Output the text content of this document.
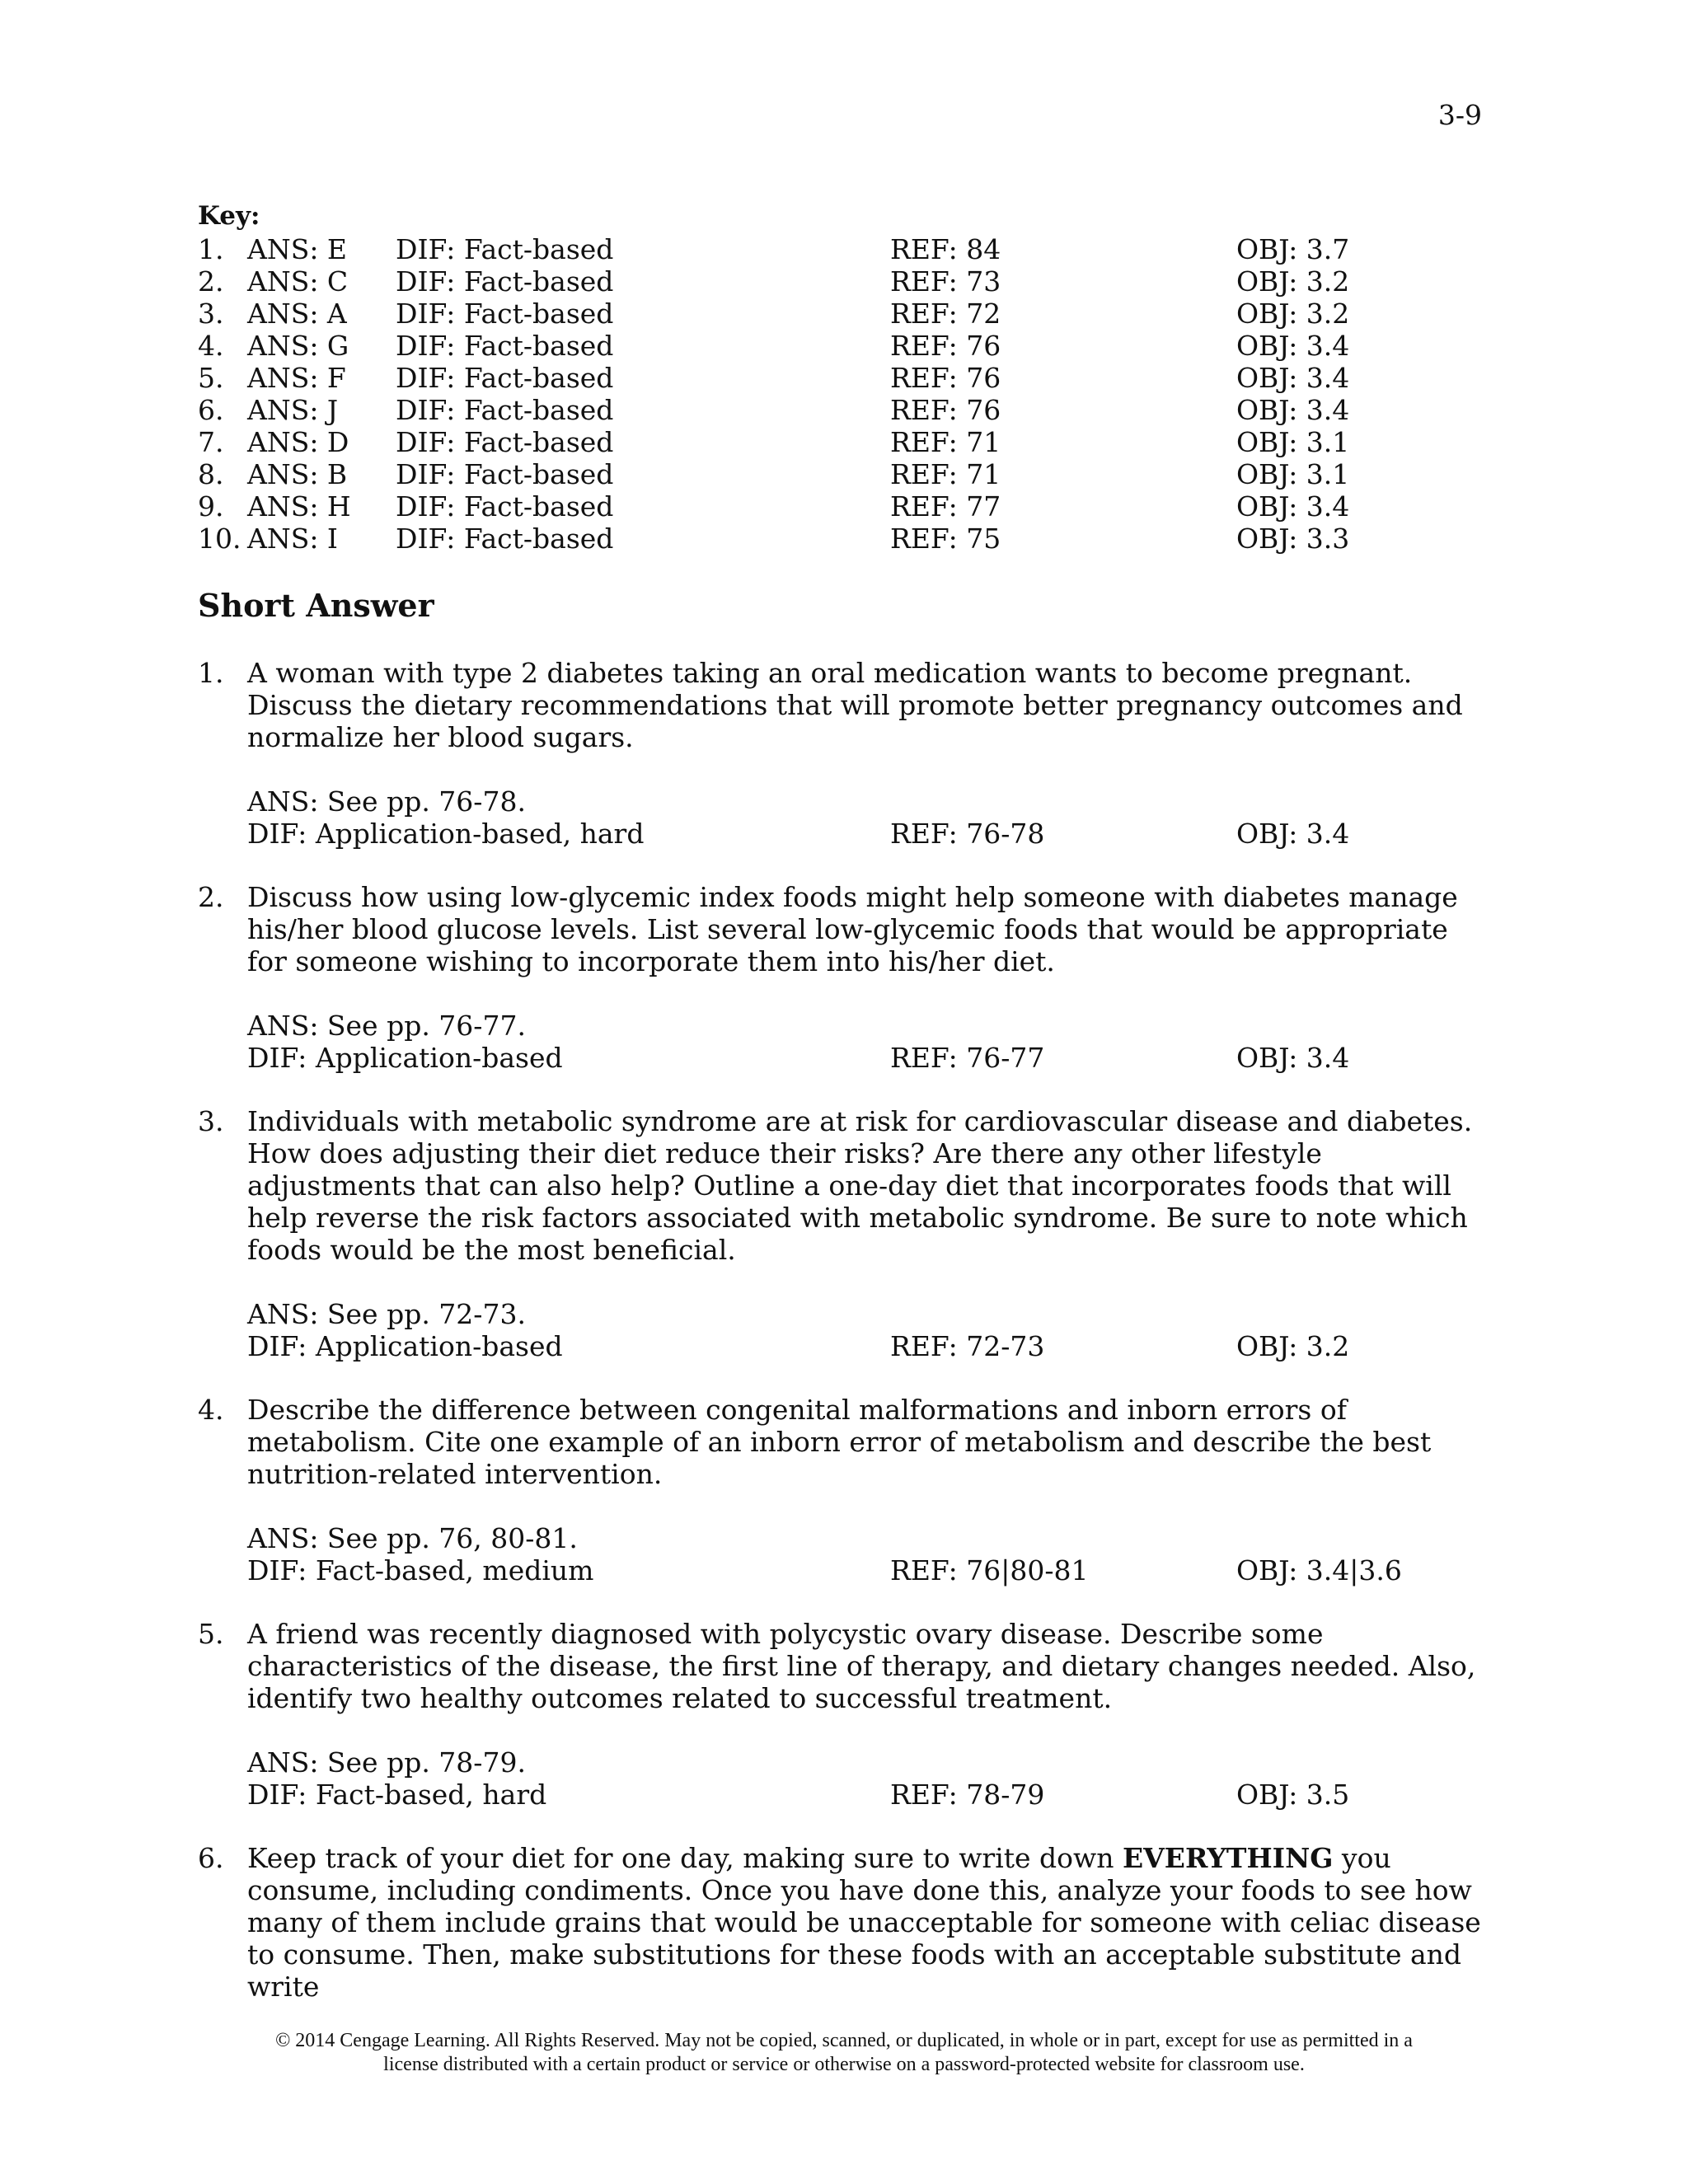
3-9
Key:
1. ANS: E DIF: Fact-based	REF: 84	OBJ: 3.7
2. ANS: C DIF: Fact-based	REF: 73	OBJ: 3.2
3. ANS: A DIF: Fact-based	REF: 72	OBJ: 3.2
4. ANS: G DIF: Fact-based	REF: 76	OBJ: 3.4
5. ANS: F DIF: Fact-based	REF: 76	OBJ: 3.4
6. ANS: J DIF: Fact-based	REF: 76	OBJ: 3.4
7. ANS: D DIF: Fact-based	REF: 71	OBJ: 3.1
8. ANS: B DIF: Fact-based	REF: 71	OBJ: 3.1
9. ANS: H DIF: Fact-based	REF: 77	OBJ: 3.4
10. ANS: I DIF: Fact-based	REF: 75	OBJ: 3.3
Short Answer
1. A woman with type 2 diabetes taking an oral medication wants to become pregnant. Discuss the dietary recommendations that will promote better pregnancy outcomes and normalize her blood sugars.
ANS: See pp. 76-78.
DIF: Application-based, hard	REF: 76-78	OBJ: 3.4
2. Discuss how using low-glycemic index foods might help someone with diabetes manage his/her blood glucose levels. List several low-glycemic foods that would be appropriate for someone wishing to incorporate them into his/her diet.
ANS: See pp. 76-77.
DIF: Application-based	REF: 76-77	OBJ: 3.4
3. Individuals with metabolic syndrome are at risk for cardiovascular disease and diabetes. How does adjusting their diet reduce their risks? Are there any other lifestyle adjustments that can also help? Outline a one-day diet that incorporates foods that will help reverse the risk factors associated with metabolic syndrome. Be sure to note which foods would be the most beneficial.
ANS: See pp. 72-73.
DIF: Application-based	REF: 72-73	OBJ: 3.2
4. Describe the difference between congenital malformations and inborn errors of metabolism. Cite one example of an inborn error of metabolism and describe the best nutrition-related intervention.
ANS: See pp. 76, 80-81.
DIF: Fact-based, medium	REF: 76|80-81	OBJ: 3.4|3.6
5. A friend was recently diagnosed with polycystic ovary disease. Describe some characteristics of the disease, the first line of therapy, and dietary changes needed. Also, identify two healthy outcomes related to successful treatment.
ANS: See pp. 78-79.
DIF: Fact-based, hard	REF: 78-79	OBJ: 3.5
6. Keep track of your diet for one day, making sure to write down EVERYTHING you consume, including condiments. Once you have done this, analyze your foods to see how many of them include grains that would be unacceptable for someone with celiac disease to consume. Then, make substitutions for these foods with an acceptable substitute and write
© 2014 Cengage Learning. All Rights Reserved. May not be copied, scanned, or duplicated, in whole or in part, except for use as permitted in a
license distributed with a certain product or service or otherwise on a password-protected website for classroom use.
